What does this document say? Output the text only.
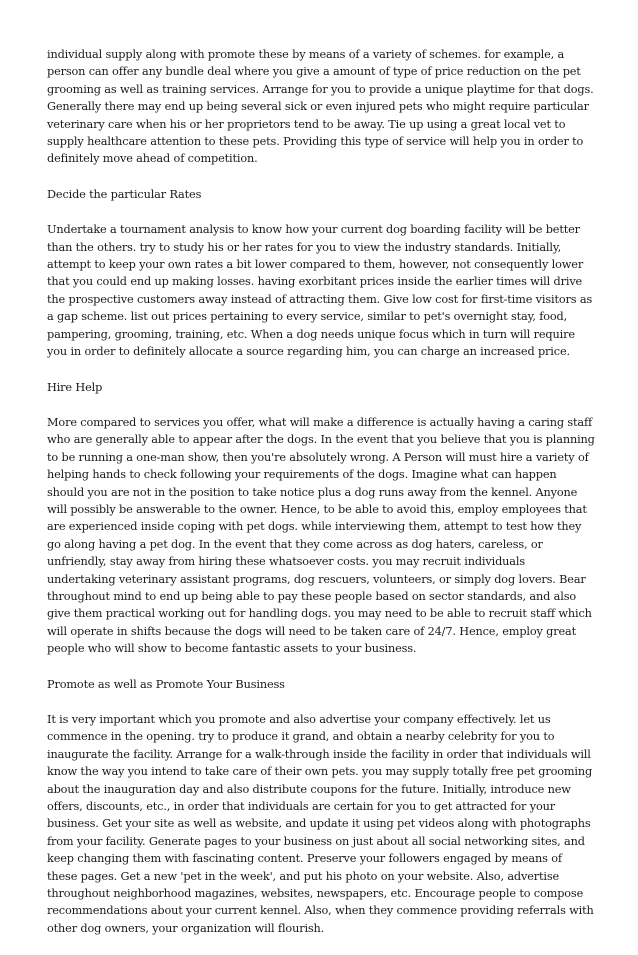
individual supply along with promote these by means of a variety of schemes. for example, a person can offer any bundle deal where you give a amount of type of price reduction on the pet grooming as well as training services. Arrange for you to provide a unique playtime for that dogs. Generally there may end up being several sick or even injured pets who might require particular veterinary care when his or her proprietors tend to be away. Tie up using a great local vet to supply healthcare attention to these pets. Providing this type of service will help you in order to definitely move ahead of competition.

Decide the particular Rates

Undertake a tournament analysis to know how your current dog boarding facility will be better than the others. try to study his or her rates for you to view the industry standards. Initially, attempt to keep your own rates a bit lower compared to them, however, not consequently lower that you could end up making losses. having exorbitant prices inside the earlier times will drive the prospective customers away instead of attracting them. Give low cost for first-time visitors as a gap scheme. list out prices pertaining to every service, similar to pet's overnight stay, food, pampering, grooming, training, etc. When a dog needs unique focus which in turn will require you in order to definitely allocate a source regarding him, you can charge an increased price.

Hire Help

More compared to services you offer, what will make a difference is actually having a caring staff who are generally able to appear after the dogs. In the event that you believe that you is planning to be running a one-man show, then you're absolutely wrong. A Person will must hire a variety of helping hands to check following your requirements of the dogs. Imagine what can happen should you are not in the position to take notice plus a dog runs away from the kennel. Anyone will possibly be answerable to the owner. Hence, to be able to avoid this, employ employees that are experienced inside coping with pet dogs. while interviewing them, attempt to test how they go along having a pet dog. In the event that they come across as dog haters, careless, or unfriendly, stay away from hiring these whatsoever costs. you may recruit individuals undertaking veterinary assistant programs, dog rescuers, volunteers, or simply dog lovers. Bear throughout mind to end up being able to pay these people based on sector standards, and also give them practical working out for handling dogs. you may need to be able to recruit staff which will operate in shifts because the dogs will need to be taken care of 24/7. Hence, employ great people who will show to become fantastic assets to your business.

Promote as well as Promote Your Business

It is very important which you promote and also advertise your company effectively. let us commence in the opening. try to produce it grand, and obtain a nearby celebrity for you to inaugurate the facility. Arrange for a walk-through inside the facility in order that individuals will know the way you intend to take care of their own pets. you may supply totally free pet grooming about the inauguration day and also distribute coupons for the future. Initially, introduce new offers, discounts, etc., in order that individuals are certain for you to get attracted for your business. Get your site as well as website, and update it using pet videos along with photographs from your facility. Generate pages to your business on just about all social networking sites, and keep changing them with fascinating content. Preserve your followers engaged by means of these pages. Get a new 'pet in the week', and put his photo on your website. Also, advertise throughout neighborhood magazines, websites, newspapers, etc. Encourage people to compose recommendations about your current kennel. Also, when they commence providing referrals with other dog owners, your organization will flourish.
